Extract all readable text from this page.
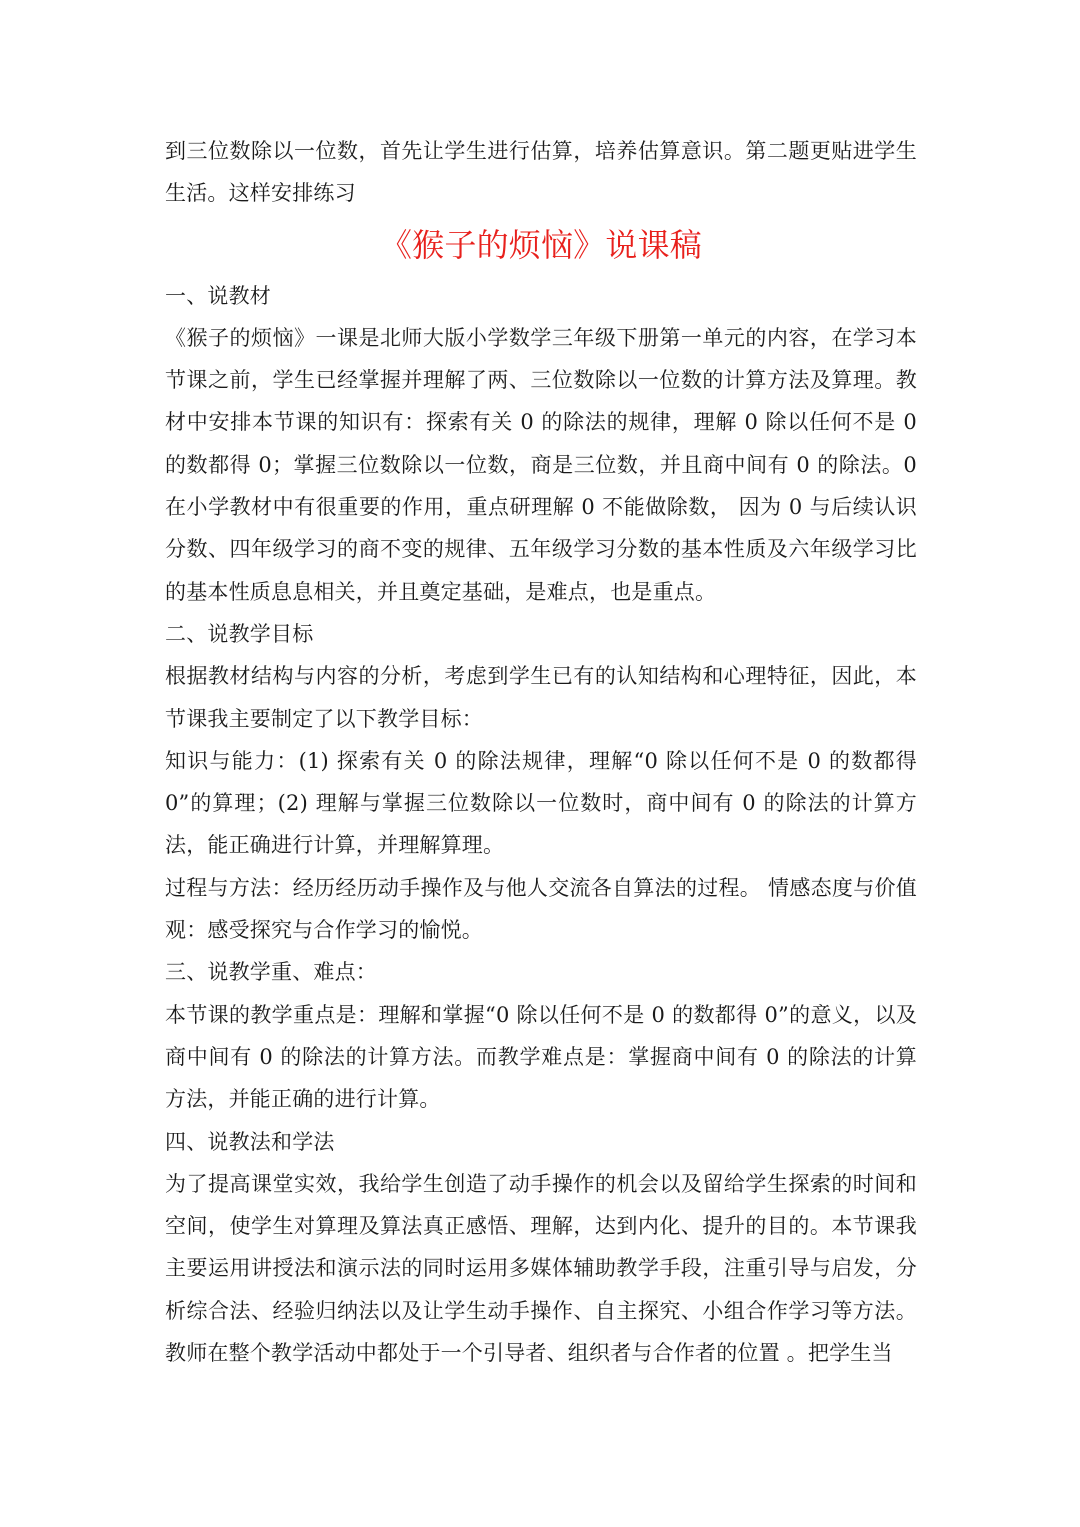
到三位数除以一位数，首先让学生进行估算，培养估算意识。第二题更贴进学生生活。这样安排练习

《猴子的烦恼》说课稿

一、说教材

《猴子的烦恼》一课是北师大版小学数学三年级下册第一单元的内容，在学习本节课之前，学生已经掌握并理解了两、三位数除以一位数的计算方法及算理。教材中安排本节课的知识有：探索有关 0 的除法的规律，理解 0 除以任何不是 0 的数都得 0；掌握三位数除以一位数，商是三位数，并且商中间有 0 的除法。0 在小学教材中有很重要的作用，重点研理解 0 不能做除数， 因为 0 与后续认识分数、四年级学习的商不变的规律、五年级学习分数的基本性质及六年级学习比的基本性质息息相关，并且奠定基础，是难点，也是重点。

二、说教学目标

根据教材结构与内容的分析，考虑到学生已有的认知结构和心理特征，因此，本节课我主要制定了以下教学目标：

知识与能力：(1) 探索有关 0 的除法规律，理解“0 除以任何不是 0 的数都得 0”的算理；(2) 理解与掌握三位数除以一位数时，商中间有 0 的除法的计算方法，能正确进行计算，并理解算理。

过程与方法：经历经历动手操作及与他人交流各自算法的过程。 情感态度与价值观：感受探究与合作学习的愉悦。

三、说教学重、难点：

本节课的教学重点是：理解和掌握“0 除以任何不是 0 的数都得 0”的意义，以及商中间有 0 的除法的计算方法。而教学难点是：掌握商中间有 0 的除法的计算方法，并能正确的进行计算。

四、说教法和学法

为了提高课堂实效，我给学生创造了动手操作的机会以及留给学生探索的时间和空间，使学生对算理及算法真正感悟、理解，达到内化、提升的目的。本节课我主要运用讲授法和演示法的同时运用多媒体辅助教学手段，注重引导与启发，分析综合法、经验归纳法以及让学生动手操作、自主探究、小组合作学习等方法。教师在整个教学活动中都处于一个引导者、组织者与合作者的位置 。把学生当
